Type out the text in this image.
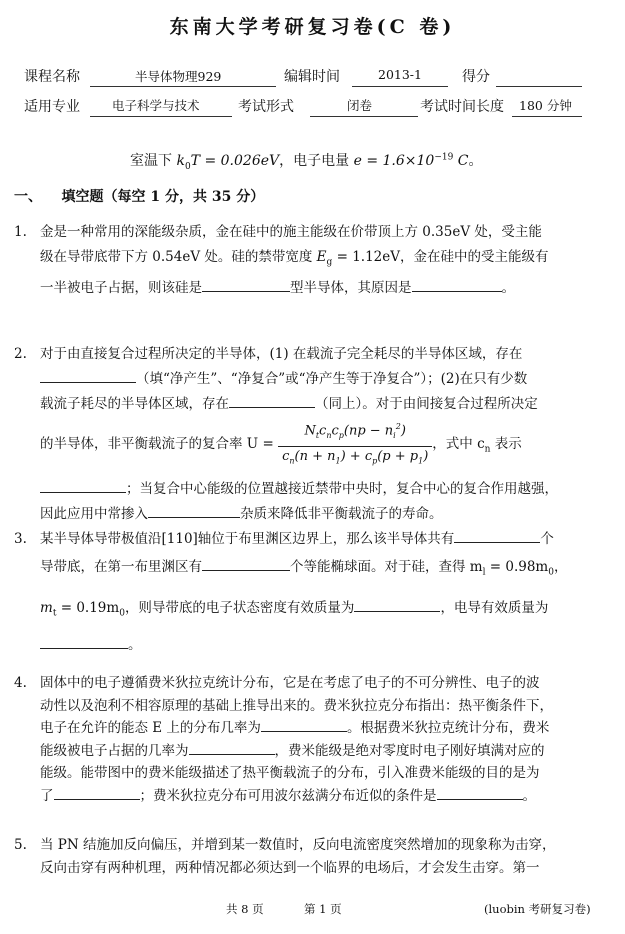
东南大学考研复习卷(C 卷)
课程名称	半导体物理929	编辑时间	2013-1	得分
适用专业	电子科学与技术	考试形式	闭卷	考试时间长度 180 分钟
室温下 $k_0T = 0.026eV$，电子电量 $e = 1.6\times 10^{-19}$ C。
一、 填空题（每空 1 分，共 35 分）
1. 金是一种常用的深能级杂质，金在硅中的施主能级在价带顶上方 0.35eV 处，受主能

级在导带底带下方 0.54eV 处。硅的禁带宽度 $E_g = 1.12eV$，金在硅中的受主能级有

一半被电子占据，则该硅是	型半导体，其原因是	。

2. 对于由直接复合过程所决定的半导体，(1) 在载流子完全耗尽的半导体区域，存在

（填“净产生”、“净复合”或“净产生等于净复合”）；(2)在只有少数

载流子耗尽的半导体区域，存在	（同上）。对于由间接复合过程所决定

的半导体，非平衡载流子的复合率 $U = \frac{N_tc_nc_p(np - n_i^2)}{c_n(n + n_1) + c_p(p + p_1)}$ ，式中 $c_n$ 表示

；当复合中心能级的位置越接近禁带中央时，复合中心的复合作用越强，

因此应用中常掺入	杂质来降低非平衡载流子的寿命。

3. 某半导体导带极值沿[110]轴位于布里渊区边界上，那么该半导体共有	个

导带底，在第一布里渊区有	个等能椭球面。对于硅，查得 $m_l = 0.98m_0$，

$m_t = 0.19m_0$，则导带底的电子状态密度有效质量为	，电导有效质量为

。

4. 固体中的电子遵循费米狄拉克统计分布，它是在考虑了电子的不可分辨性、电子的波

动性以及泡利不相容原理的基础上推导出来的。费米狄拉克分布指出：热平衡条件下，

电子在允许的能态 E 上的分布几率为	。根据费米狄拉克统计分布，费米

能级被电子占据的几率为	，费米能级是绝对零度时电子刚好填满对应的

能级。能带图中的费米能级描述了热平衡载流子的分布，引入准费米能级的目的是为

了	；费米狄拉克分布可用波尔兹满分布近似的条件是	。

5. 当 PN 结施加反向偏压，并增到某一数值时，反向电流密度突然增加的现象称为击穿，

反向击穿有两种机理，两种情况都必须达到一个临界的电场后，才会发生击穿。第一

共 8 页	第 1 页	(luobin 考研复习卷)
